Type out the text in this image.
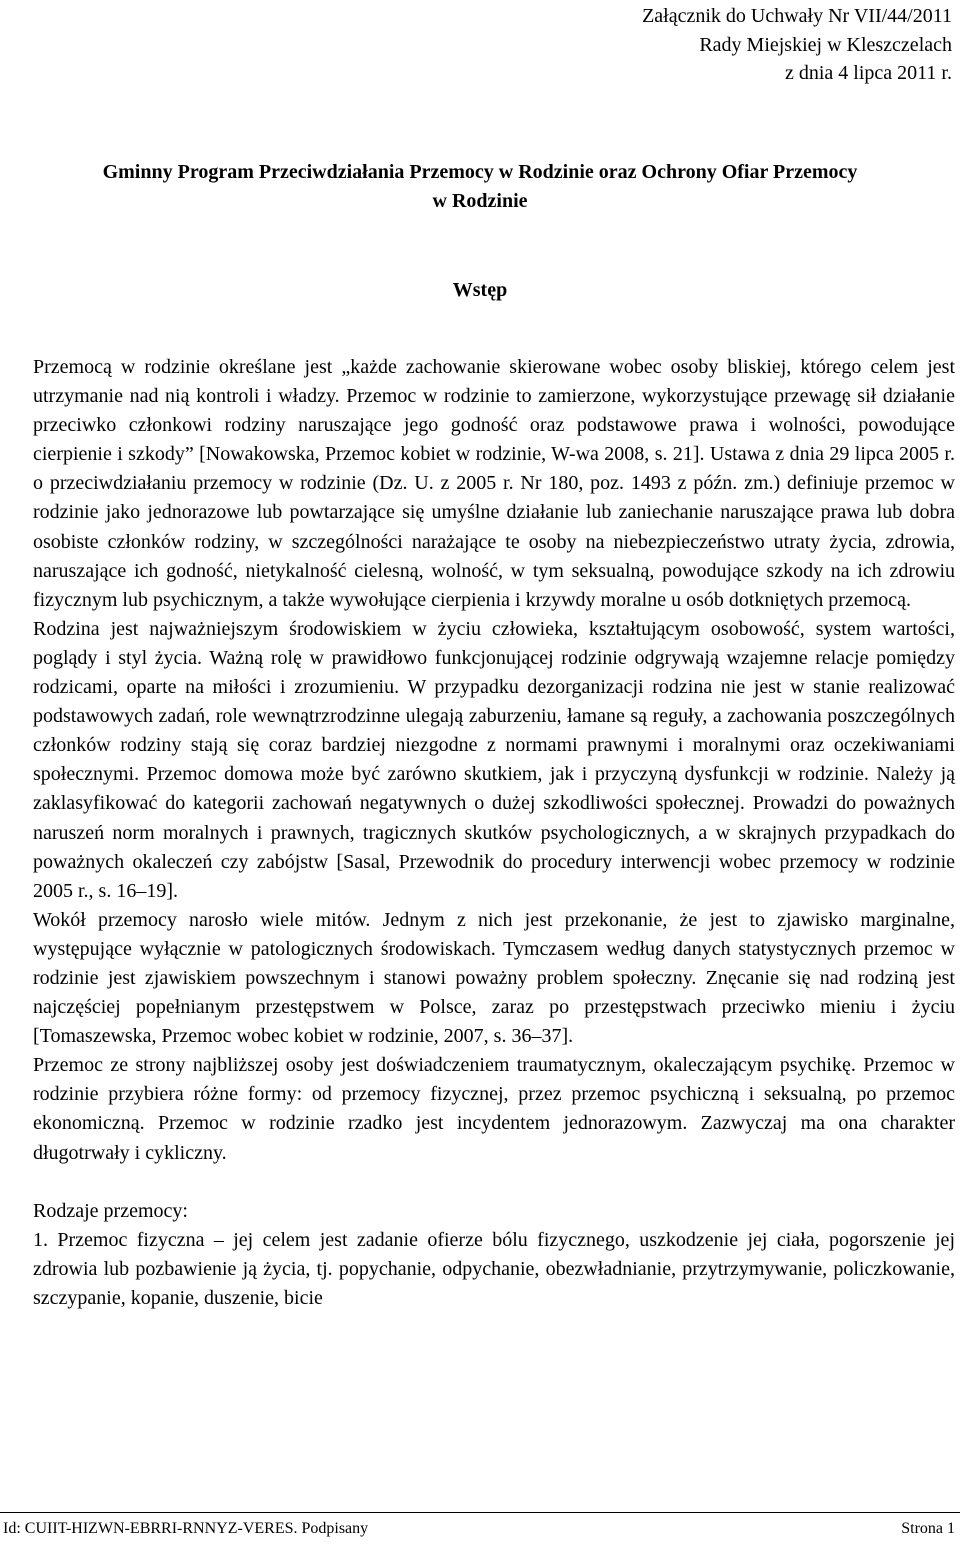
Załącznik do Uchwały Nr VII/44/2011
Rady Miejskiej w Kleszczelach
z dnia 4 lipca 2011 r.
Gminny Program Przeciwdziałania Przemocy w Rodzinie oraz Ochrony Ofiar Przemocy
w Rodzinie
Wstęp

Przemocą w rodzinie określane jest „każde zachowanie skierowane wobec osoby bliskiej, którego celem jest utrzymanie nad nią kontroli i władzy. Przemoc w rodzinie to zamierzone, wykorzystujące przewagę sił działanie przeciwko członkowi rodziny naruszające jego godność oraz podstawowe prawa i wolności, powodujące cierpienie i szkody” [Nowakowska, Przemoc kobiet w rodzinie, W-wa 2008, s. 21]. Ustawa z dnia 29 lipca 2005 r. o przeciwdziałaniu przemocy w rodzinie (Dz. U. z 2005 r. Nr 180, poz. 1493 z późn. zm.) definiuje przemoc w rodzinie jako jednorazowe lub powtarzające się umyślne działanie lub zaniechanie naruszające prawa lub dobra osobiste członków rodziny, w szczególności narażające te osoby na niebezpieczeństwo utraty życia, zdrowia, naruszające ich godność, nietykalność cielesną, wolność, w tym seksualną, powodujące szkody na ich zdrowiu fizycznym lub psychicznym, a także wywołujące cierpienia i krzywdy moralne u osób dotkniętych przemocą.

Rodzina jest najważniejszym środowiskiem w życiu człowieka, kształtującym osobowość, system wartości, poglądy i styl życia. Ważną rolę w prawidłowo funkcjonującej rodzinie odgrywają wzajemne relacje pomiędzy rodzicami, oparte na miłości i zrozumieniu. W przypadku dezorganizacji rodzina nie jest w stanie realizować podstawowych zadań, role wewnątrzrodzinne ulegają zaburzeniu, łamane są reguły, a zachowania poszczególnych członków rodziny stają się coraz bardziej niezgodne z normami prawnymi i moralnymi oraz oczekiwaniami społecznymi. Przemoc domowa może być zarówno skutkiem, jak i przyczyną dysfunkcji w rodzinie. Należy ją zaklasyfikować do kategorii zachowań negatywnych o dużej szkodliwości społecznej. Prowadzi do poważnych naruszeń norm moralnych i prawnych, tragicznych skutków psychologicznych, a w skrajnych przypadkach do poważnych okaleczeń czy zabójstw [Sasal, Przewodnik do procedury interwencji wobec przemocy w rodzinie 2005 r., s. 16–19].

Wokół przemocy narosło wiele mitów. Jednym z nich jest przekonanie, że jest to zjawisko marginalne, występujące wyłącznie w patologicznych środowiskach. Tymczasem według danych statystycznych przemoc w rodzinie jest zjawiskiem powszechnym i stanowi poważny problem społeczny. Znęcanie się nad rodziną jest najczęściej popełnianym przestępstwem w Polsce, zaraz po przestępstwach przeciwko mieniu i życiu [Tomaszewska, Przemoc wobec kobiet w rodzinie, 2007, s. 36–37].

Przemoc ze strony najbliższej osoby jest doświadczeniem traumatycznym, okaleczającym psychikę. Przemoc w rodzinie przybiera różne formy: od przemocy fizycznej, przez przemoc psychiczną i seksualną, po przemoc ekonomiczną. Przemoc w rodzinie rzadko jest incydentem jednorazowym. Zazwyczaj ma ona charakter długotrwały i cykliczny.

Rodzaje przemocy:

1. Przemoc fizyczna – jej celem jest zadanie ofierze bólu fizycznego, uszkodzenie jej ciała, pogorszenie jej zdrowia lub pozbawienie ją życia, tj. popychanie, odpychanie, obezwładnianie, przytrzymywanie, policzkowanie, szczypanie, kopanie, duszenie, bicie

Id: CUIIT-HIZWN-EBRRI-RNNYZ-VERES. Podpisany	Strona 1
